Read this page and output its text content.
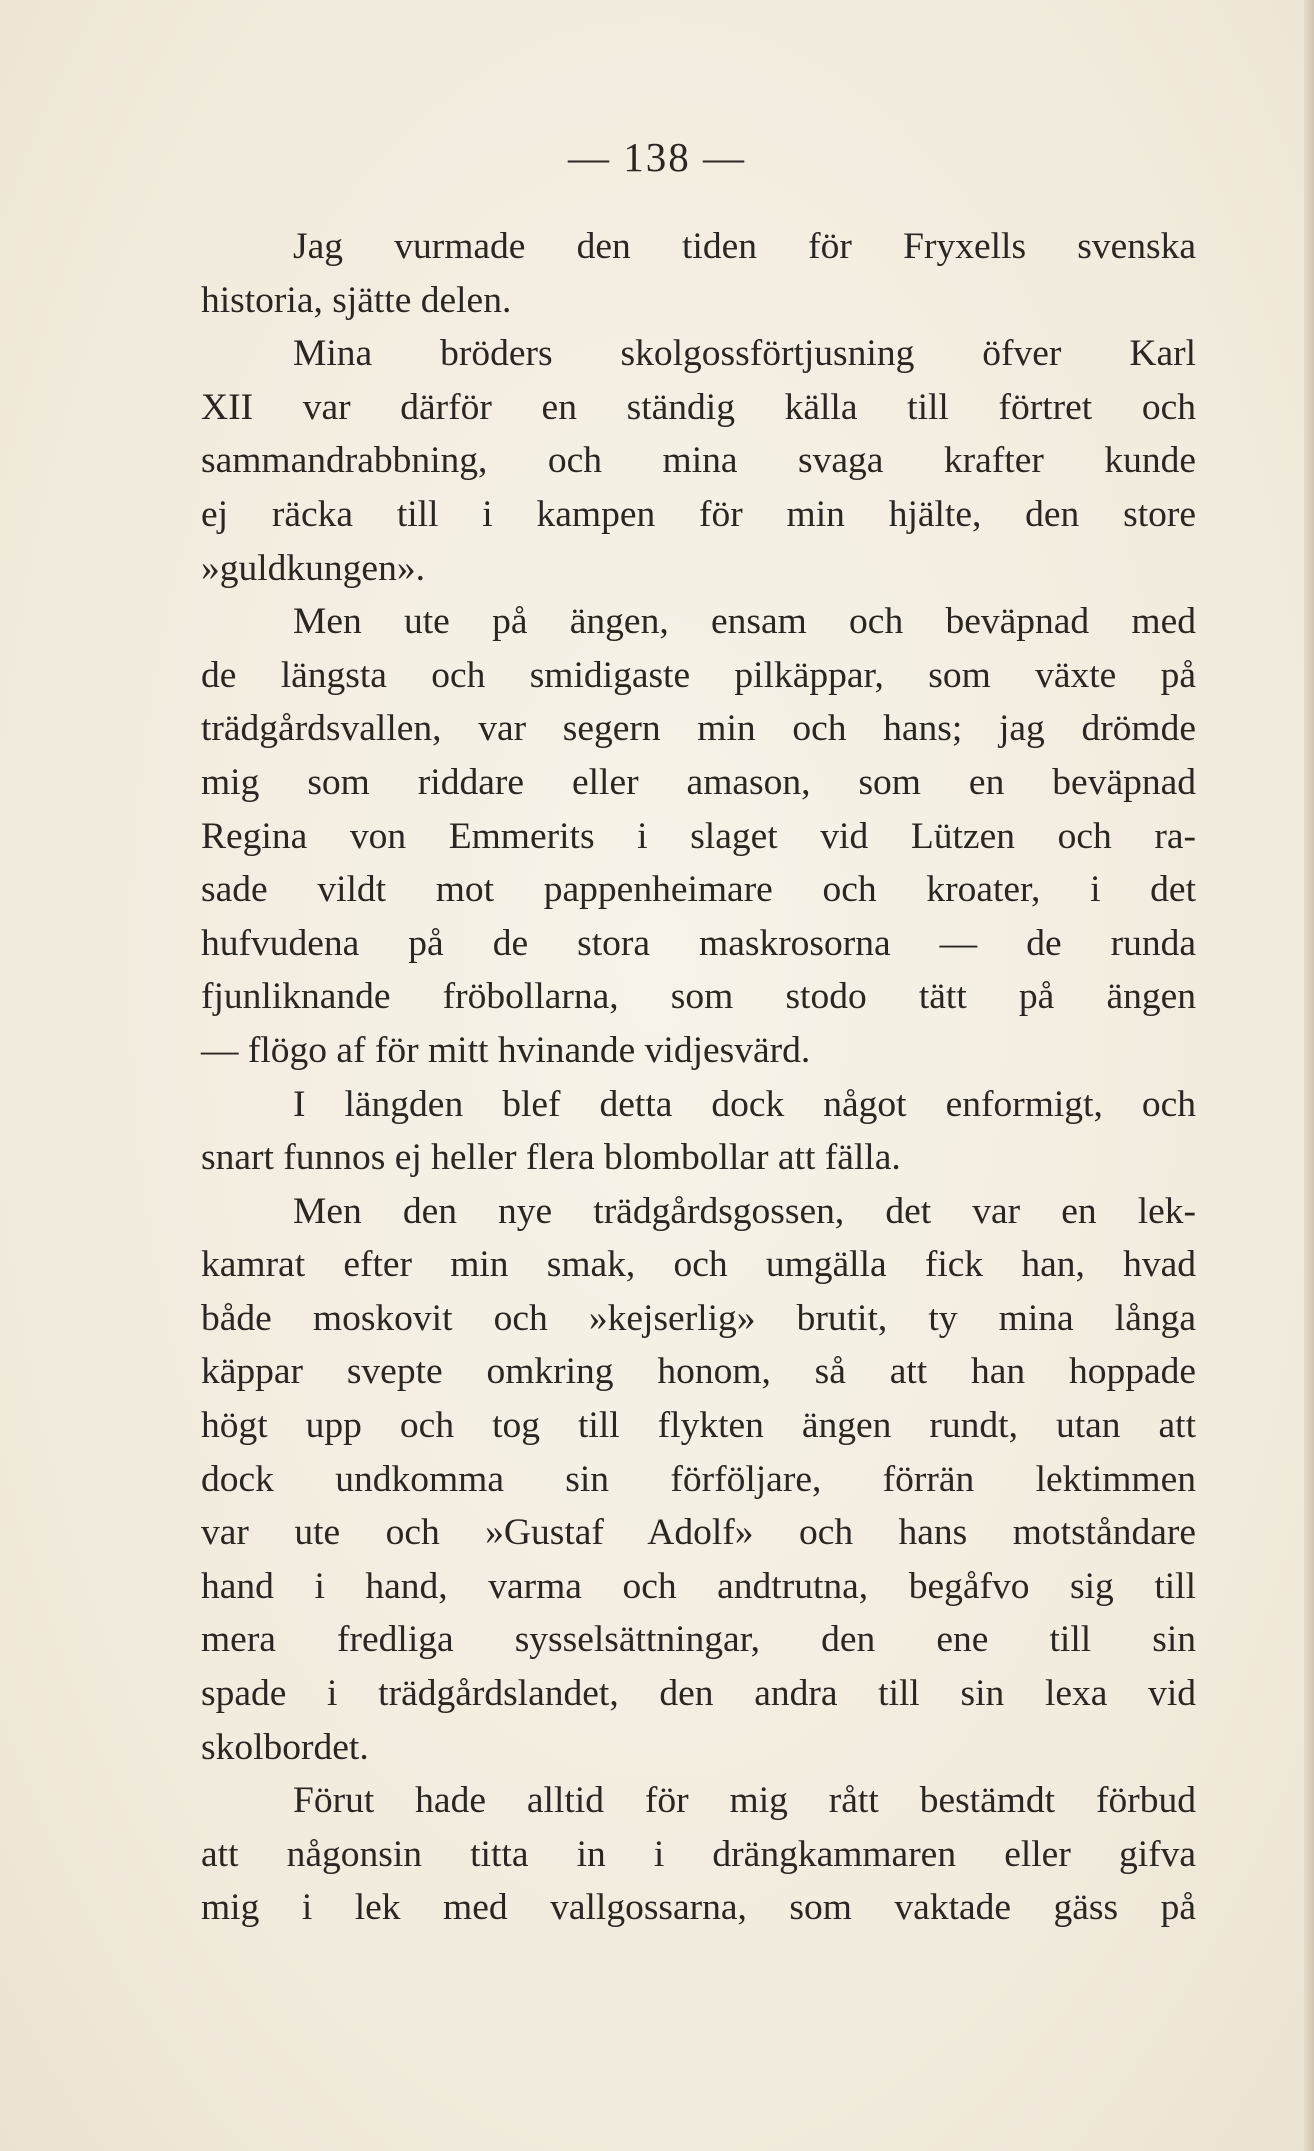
— 138 —
Jag vurmade den tiden för Fryxells svenska
historia, sjätte delen.
Mina bröders skolgossförtjusning öfver Karl
XII var därför en ständig källa till förtret och
sammandrabbning, och mina svaga krafter kunde
ej räcka till i kampen för min hjälte, den store
»guldkungen».
Men ute på ängen, ensam och beväpnad med
de längsta och smidigaste pilkäppar, som växte på
trädgårdsvallen, var segern min och hans; jag drömde
mig som riddare eller amason, som en beväpnad
Regina von Emmerits i slaget vid Lützen och ra-
sade vildt mot pappenheimare och kroater, i det
hufvudena på de stora maskrosorna — de runda
fjunliknande fröbollarna, som stodo tätt på ängen
— flögo af för mitt hvinande vidjesvärd.
I längden blef detta dock något enformigt, och
snart funnos ej heller flera blombollar att fälla.
Men den nye trädgårdsgossen, det var en lek-
kamrat efter min smak, och umgälla fick han, hvad
både moskovit och »kejserlig» brutit, ty mina långa
käppar svepte omkring honom, så att han hoppade
högt upp och tog till flykten ängen rundt, utan att
dock undkomma sin förföljare, förrän lektimmen
var ute och »Gustaf Adolf» och hans motståndare
hand i hand, varma och andtrutna, begåfvo sig till
mera fredliga sysselsättningar, den ene till sin
spade i trädgårdslandet, den andra till sin lexa vid
skolbordet.
Förut hade alltid för mig rått bestämdt förbud
att någonsin titta in i drängkammaren eller gifva
mig i lek med vallgossarna, som vaktade gäss på
